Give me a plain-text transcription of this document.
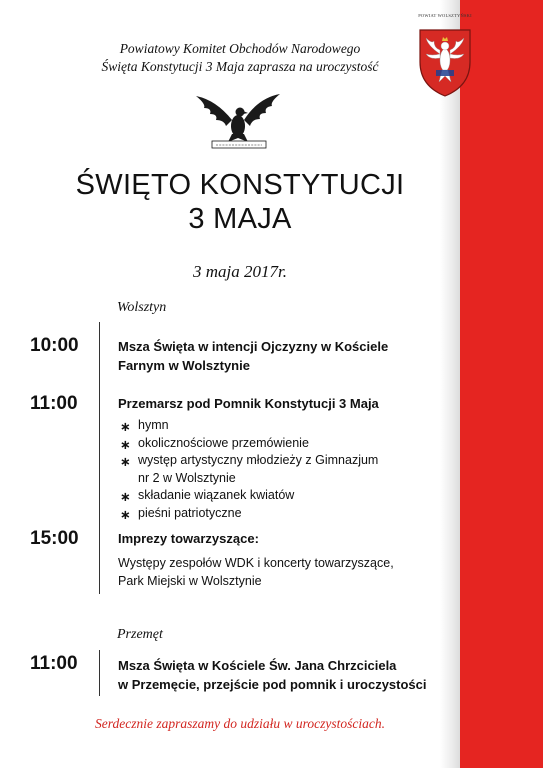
POWIAT WOLSZTYŃSKI
Powiatowy Komitet Obchodów Narodowego
Święta Konstytucji 3 Maja zaprasza na uroczystość
ŚWIĘTO KONSTYTUCJI
3 MAJA
3 maja 2017r.
Wolsztyn
10:00	Msza Święta w intencji Ojczyzny w Kościele
Farnym w Wolsztynie
11:00	Przemarsz pod Pomnik Konstytucji 3 Maja
∗ hymn
∗ okolicznościowe przemówienie
∗ występ artystyczny młodzieży z Gimnazjum
nr 2 w Wolsztynie
∗ składanie wiązanek kwiatów
∗ pieśni patriotyczne
15:00	Imprezy towarzyszące:
Występy zespołów WDK i koncerty towarzyszące,
Park Miejski w Wolsztynie
Przemęt
11:00	Msza Święta w Kościele Św. Jana Chrzciciela
w Przemęcie, przejście pod pomnik i uroczystości
Serdecznie zapraszamy do udziału w uroczystościach.
